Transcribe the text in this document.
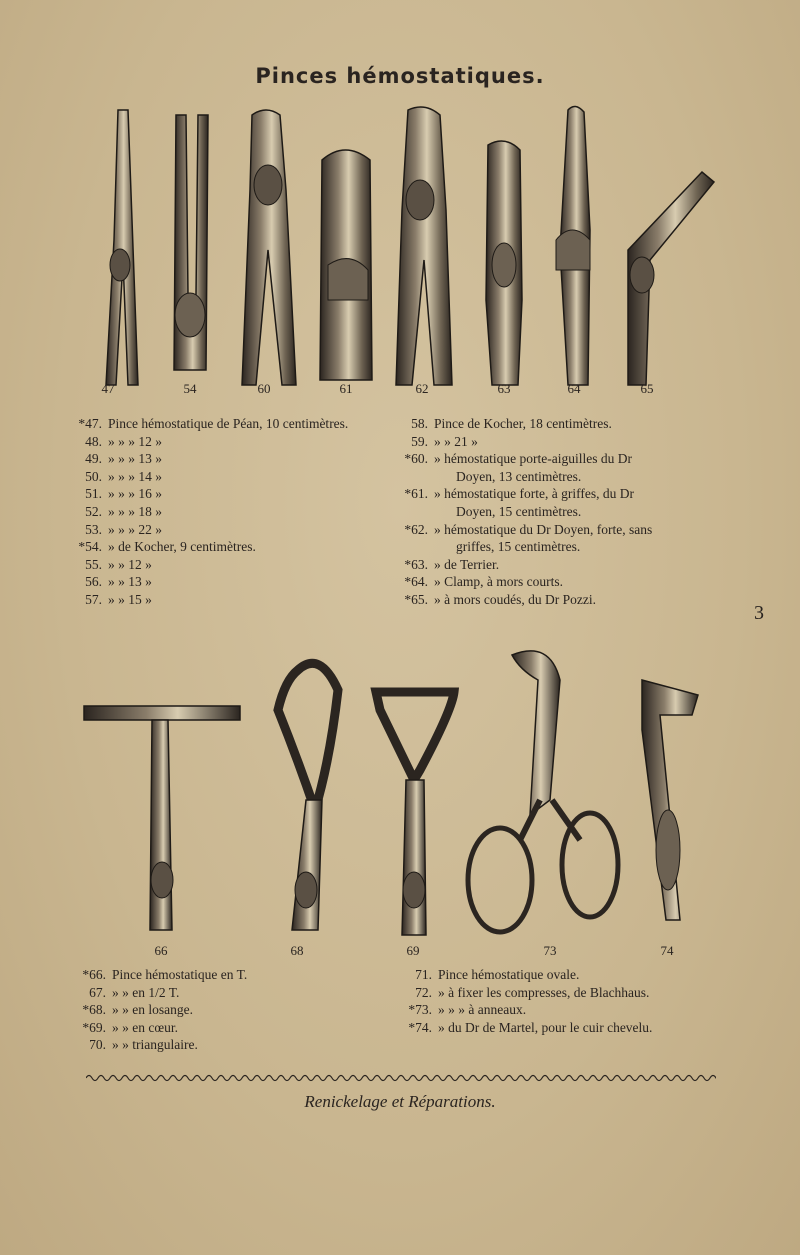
Pinces hémostatiques.
47	54	60	61	62	63	64	65
*47. Pince hémostatique de Péan, 10 centimètres.
48. » » » 12 »
49. » » » 13 »
50. » » » 14 »
51. » » » 16 »
52. » » » 18 »
53. » » » 22 »
*54. » de Kocher, 9 centimètres.
55. » » 12 »
56. » » 13 »
57. » » 15 »
58. Pince de Kocher, 18 centimètres.
59. » » 21 »
*60. » hémostatique porte-aiguilles du Dr
Doyen, 13 centimètres.
*61. » hémostatique forte, à griffes, du Dr
Doyen, 15 centimètres.
*62. » hémostatique du Dr Doyen, forte, sans
griffes, 15 centimètres.
*63. » de Terrier.
*64. » Clamp, à mors courts.
*65. » à mors coudés, du Dr Pozzi.
3
66	68	69	73	74
*66. Pince hémostatique en T.
67. » » en 1/2 T.
*68. » » en losange.
*69. » » en cœur.
70. » » triangulaire.
71. Pince hémostatique ovale.
72. » à fixer les compresses, de Blachhaus.
*73. » » » à anneaux.
*74. » du Dr de Martel, pour le cuir chevelu.
Renickelage et Réparations.
